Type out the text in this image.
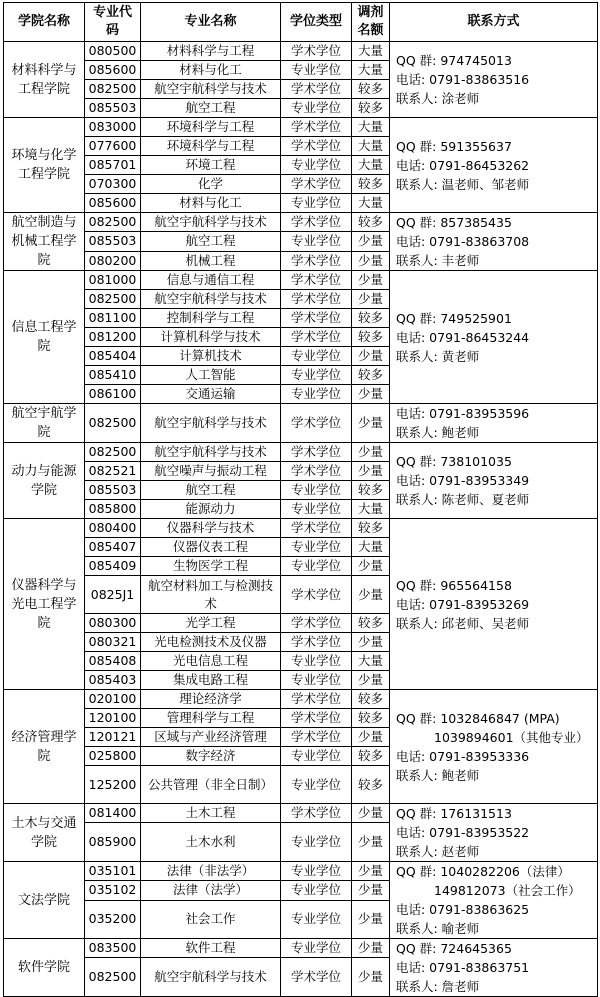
学院名称	专业代码	专业名称	学位类型	调剂名额	联系方式
材料科学与工程学院	080500	材料科学与工程	学术学位	大量	QQ 群: 974745013
电话: 0791-83863516
联系人: 涂老师

	085600	材料与化工	专业学位	大量	
	082500	航空宇航科学与技术	学术学位	较多	
	085503	航空工程	专业学位	较多	
环境与化学工程学院	083000	环境科学与工程	学术学位	大量	QQ 群: 591355637
电话: 0791-86453262
联系人: 温老师、邹老师

	077600	环境科学与工程	学术学位	大量	
	085701	环境工程	专业学位	大量	
	070300	化学	学术学位	较多	
	085600	材料与化工	专业学位	大量	
航空制造与机械工程学院	082500	航空宇航科学与技术	学术学位	较多	QQ 群: 857385435
电话: 0791-83863708
联系人: 丰老师

	085503	航空工程	专业学位	少量	
	080200	机械工程	学术学位	少量	
信息工程学院	081000	信息与通信工程	学术学位	少量	QQ 群: 749525901
电话: 0791-86453244
联系人: 黄老师

	082500	航空宇航科学与技术	学术学位	少量	
	081100	控制科学与工程	学术学位	较多	
	081200	计算机科学与技术	学术学位	较多	
	085404	计算机技术	专业学位	少量	
	085410	人工智能	专业学位	较多	
	086100	交通运输	专业学位	少量	
航空宇航学院	082500	航空宇航科学与技术	学术学位	少量	电话: 0791-83953596
联系人: 鲍老师

动力与能源学院	082500	航空宇航科学与技术	学术学位	少量	QQ 群: 738101035
电话: 0791-83953349
联系人: 陈老师、夏老师

	082521	航空噪声与振动工程	学术学位	少量	
	085503	航空工程	专业学位	较多	
	085800	能源动力	专业学位	大量	
仪器科学与光电工程学院	080400	仪器科学与技术	学术学位	较多	QQ 群: 965564158
电话: 0791-83953269
联系人: 邱老师、吴老师

	085407	仪器仪表工程	专业学位	大量	
	085409	生物医学工程	专业学位	少量	
	0825J1	航空材料加工与检测技术	学术学位	少量	
	080300	光学工程	学术学位	较多	
	080321	光电检测技术及仪器	学术学位	少量	
	085408	光电信息工程	专业学位	大量	
	085403	集成电路工程	专业学位	少量	
经济管理学院	020100	理论经济学	学术学位	较多	QQ 群: 1032846847 (MPA)
1039894601（其他专业）
电话: 0791-83953336
联系人: 鲍老师

	120100	管理科学与工程	学术学位	较多	
	120121	区域与产业经济管理	学术学位	少量	
	025800	数字经济	专业学位	较多	
	125200	公共管理（非全日制）	专业学位	较多	
土木与交通学院	081400	土木工程	学术学位	少量	QQ 群: 176131513
电话: 0791-83953522
联系人: 赵老师

	085900	土木水利	专业学位	少量	
文法学院	035101	法律（非法学）	专业学位	少量	QQ 群: 1040282206（法律）
149812073（社会工作）
电话: 0791-83863625
联系人: 喻老师

	035102	法律（法学）	专业学位	少量	
	035200	社会工作	专业学位	少量	
软件学院	083500	软件工程	专业学位	少量	QQ 群: 724645365
电话: 0791-83863751
联系人: 詹老师

	082500	航空宇航科学与技术	学术学位	少量	
